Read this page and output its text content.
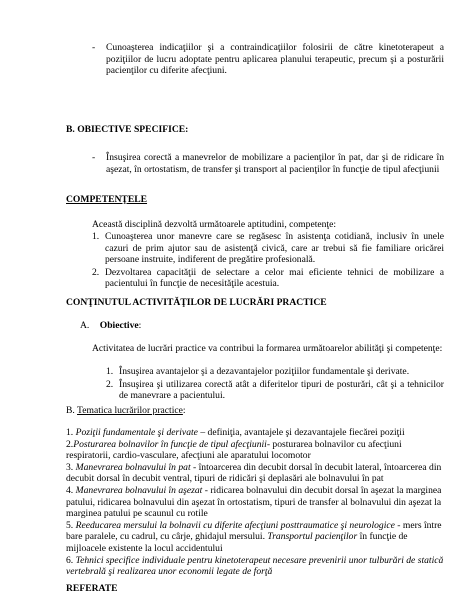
-	Cunoaşterea indicaţiilor şi a contraindicaţiilor folosirii de către kinetoterapeut a poziţiilor de lucru adoptate pentru aplicarea planului terapeutic, precum şi a posturării pacienţilor cu diferite afecţiuni.
B. OBIECTIVE SPECIFICE:
-	Însuşirea corectă a manevrelor de mobilizare a pacienţilor în pat, dar şi de ridicare în aşezat, în ortostatism, de transfer şi transport al pacienţilor în funcţie de tipul afecţiunii
COMPETENŢELE
Această disciplină dezvoltă următoarele aptitudini, competenţe:
1. Cunoaşterea unor manevre care se regăsesc în asistenţa cotidiană, inclusiv în unele cazuri de prim ajutor sau de asistenţă civică, care ar trebui să fie familiare oricărei persoane instruite, indiferent de pregătire profesională.
2. Dezvoltarea capacităţii de selectare a celor mai eficiente tehnici de mobilizare a pacientului în funcţie de necesităţile acestuia.
CONŢINUTUL ACTIVITĂŢILOR DE LUCRĂRI PRACTICE
A. Obiective:
Activitatea de lucrări practice va contribui la formarea următoarelor abilităţi şi competenţe:
1. Însuşirea avantajelor şi a dezavantajelor poziţiilor fundamentale şi derivate.
2. Însuşirea şi utilizarea corectă atât a diferitelor tipuri de posturări, cât şi a tehnicilor de manevrare a pacientului.
B. Tematica lucrărilor practice:
1. Poziţii fundamentale şi derivate – definiţia, avantajele şi dezavantajele fiecărei poziţii
2.Posturarea bolnavilor în funcţie de tipul afecţiunii- posturarea bolnavilor cu afecţiuni respiratorii, cardio-vasculare, afecţiuni ale aparatului locomotor
3. Manevrarea bolnavului în pat - întoarcerea din decubit dorsal în decubit lateral, întoarcerea din decubit dorsal în decubit ventral, tipuri de ridicări şi deplasări ale bolnavului în pat
4. Manevrarea bolnavului în aşezat - ridicarea bolnavului din decubit dorsal în aşezat la marginea patului, ridicarea bolnavului din aşezat în ortostatism, tipuri de transfer al bolnavului din aşezat la marginea patului pe scaunul cu rotile
5. Reeducarea mersului la bolnavii cu diferite afecţiuni posttraumatice şi neurologice - mers între bare paralele, cu cadrul, cu cârje, ghidajul mersului. Transportul pacienţilor în funcţie de mijloacele existente la locul accidentului
6. Tehnici specifice individuale pentru kinetoterapeut necesare prevenirii unor tulburări de statică vertebrală şi realizarea unor economii legate de forţă
REFERATE
